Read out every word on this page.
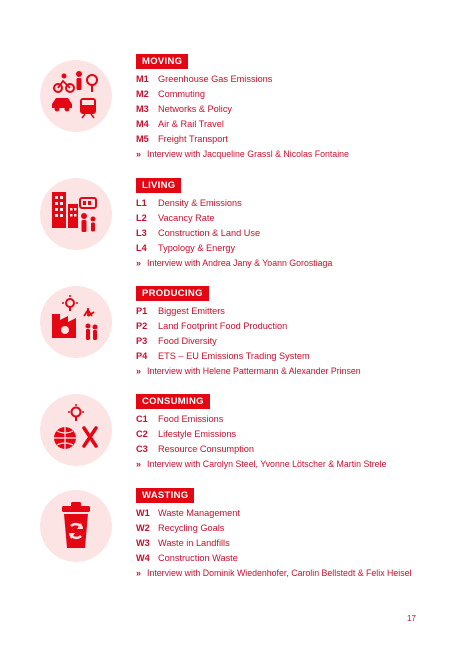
MOVING
M1 Greenhouse Gas Emissions
M2 Commuting
M3 Networks & Policy
M4 Air & Rail Travel
M5 Freight Transport
» Interview with Jacqueline Grassl & Nicolas Fontaine
LIVING
L1 Density & Emissions
L2 Vacancy Rate
L3 Construction & Land Use
L4 Typology & Energy
» Interview with Andrea Jany & Yoann Gorostiaga
PRODUCING
P1 Biggest Emitters
P2 Land Footprint Food Production
P3 Food Diversity
P4 ETS – EU Emissions Trading System
» Interview with Helene Pattermann & Alexander Prinsen
CONSUMING
C1 Food Emissions
C2 Lifestyle Emissions
C3 Resource Consumption
» Interview with Carolyn Steel, Yvonne Lötscher & Martin Strele
WASTING
W1 Waste Management
W2 Recycling Goals
W3 Waste in Landfills
W4 Construction Waste
» Interview with Dominik Wiedenhofer, Carolin Bellstedt & Felix Heisel
17
